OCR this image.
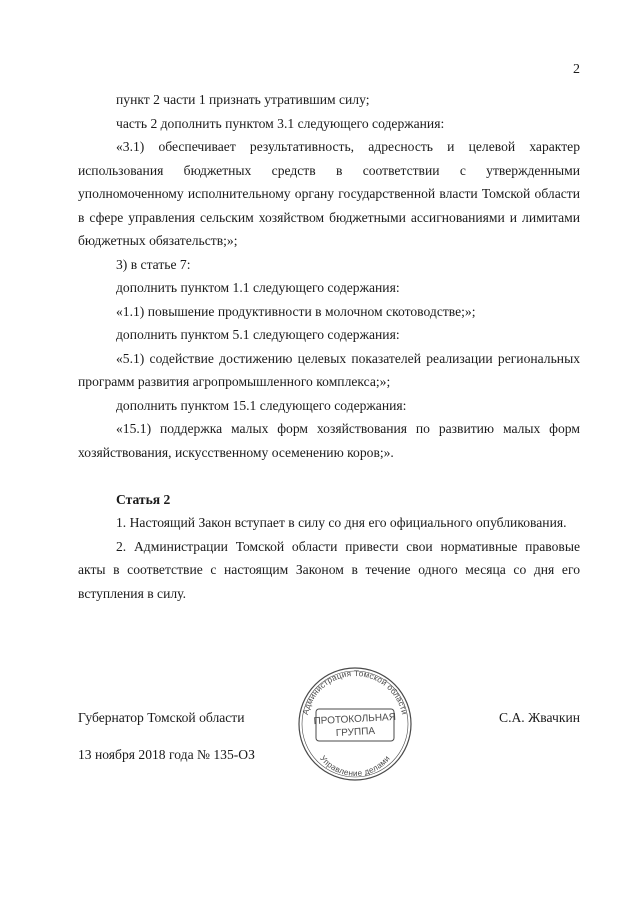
2

пункт 2 части 1 признать утратившим силу;

часть 2 дополнить пунктом 3.1 следующего содержания:

«3.1) обеспечивает результативность, адресность и целевой характер использования бюджетных средств в соответствии с утвержденными уполномоченному исполнительному органу государственной власти Томской области в сфере управления сельским хозяйством бюджетными ассигнованиями и лимитами бюджетных обязательств;»;

3) в статье 7:

дополнить пунктом 1.1 следующего содержания:

«1.1) повышение продуктивности в молочном скотоводстве;»;

дополнить пунктом 5.1 следующего содержания:

«5.1) содействие достижению целевых показателей реализации региональных программ развития агропромышленного комплекса;»;

дополнить пунктом 15.1 следующего содержания:

«15.1) поддержка малых форм хозяйствования по развитию малых форм хозяйствования, искусственному осеменению коров;».

Статья 2

1. Настоящий Закон вступает в силу со дня его официального опубликования.

2. Администрации Томской области привести свои нормативные правовые акты в соответствие с настоящим Законом в течение одного месяца со дня его вступления в силу.

Администрация Томской области
Управление делами
ПРОТОКОЛЬНАЯ
ГРУППА
Губернатор Томской области	С.А. Жвачкин
13 ноября 2018 года № 135-ОЗ
